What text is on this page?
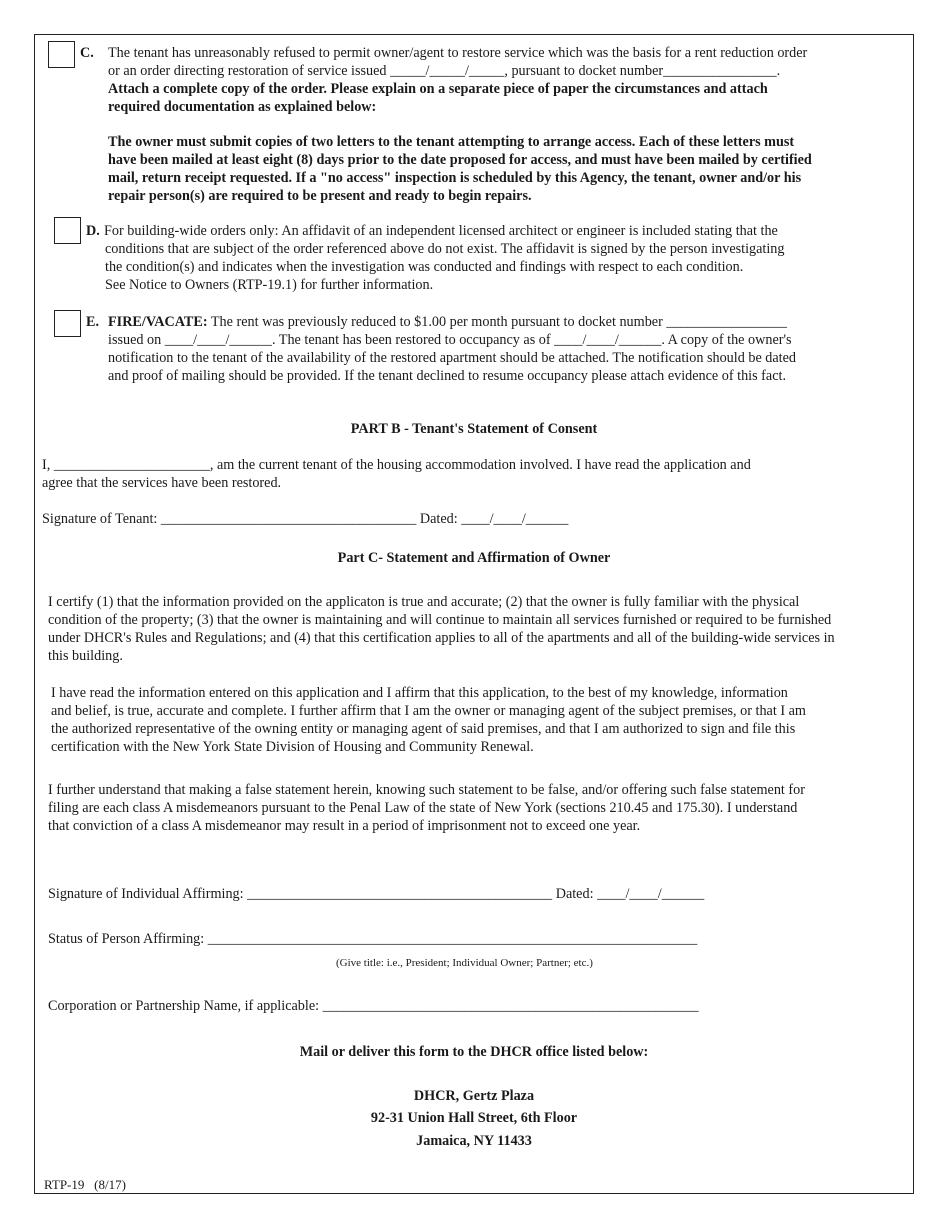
C. The tenant has unreasonably refused to permit owner/agent to restore service which was the basis for a rent reduction order
or an order directing restoration of service issued _____/_____/_____, pursuant to docket number________________.
Attach a complete copy of the order. Please explain on a separate piece of paper the circumstances and attach
required documentation as explained below:
The owner must submit copies of two letters to the tenant attempting to arrange access. Each of these letters must
have been mailed at least eight (8) days prior to the date proposed for access, and must have been mailed by certified
mail, return receipt requested. If a "no access" inspection is scheduled by this Agency, the tenant, owner and/or his
repair person(s) are required to be present and ready to begin repairs.
D. For building-wide orders only: An affidavit of an independent licensed architect or engineer is included stating that the
conditions that are subject of the order referenced above do not exist. The affidavit is signed by the person investigating
the condition(s) and indicates when the investigation was conducted and findings with respect to each condition.
See Notice to Owners (RTP-19.1) for further information.
E. FIRE/VACATE: The rent was previously reduced to $1.00 per month pursuant to docket number _________________
issued on ____/____/______. The tenant has been restored to occupancy as of ____/____/______. A copy of the owner's
notification to the tenant of the availability of the restored apartment should be attached. The notification should be dated
and proof of mailing should be provided. If the tenant declined to resume occupancy please attach evidence of this fact.
PART B - Tenant's Statement of Consent
I, ______________________, am the current tenant of the housing accommodation involved. I have read the application and
agree that the services have been restored.
Signature of Tenant: ____________________________________ Dated: ____/____/______
Part C- Statement and Affirmation of Owner
I certify (1) that the information provided on the applicaton is true and accurate; (2) that the owner is fully familiar with the physical
condition of the property; (3) that the owner is maintaining and will continue to maintain all services furnished or required to be furnished
under DHCR's Rules and Regulations; and (4) that this certification applies to all of the apartments and all of the building-wide services in
this building.
I have read the information entered on this application and I affirm that this application, to the best of my knowledge, information
and belief, is true, accurate and complete. I further affirm that I am the owner or managing agent of the subject premises, or that I am
the authorized representative of the owning entity or managing agent of said premises, and that I am authorized to sign and file this
certification with the New York State Division of Housing and Community Renewal.
I further understand that making a false statement herein, knowing such statement to be false, and/or offering such false statement for
filing are each class A misdemeanors pursuant to the Penal Law of the state of New York (sections 210.45 and 175.30). I understand
that conviction of a class A misdemeanor may result in a period of imprisonment not to exceed one year.
Signature of Individual Affirming: ___________________________________________ Dated: ____/____/______
Status of Person Affirming: _____________________________________________________________________
(Give title: i.e., President; Individual Owner; Partner; etc.)
Corporation or Partnership Name, if applicable: _____________________________________________________
Mail or deliver this form to the DHCR office listed below:
DHCR, Gertz Plaza
92-31 Union Hall Street, 6th Floor
Jamaica, NY 11433
RTP-19   (8/17)
